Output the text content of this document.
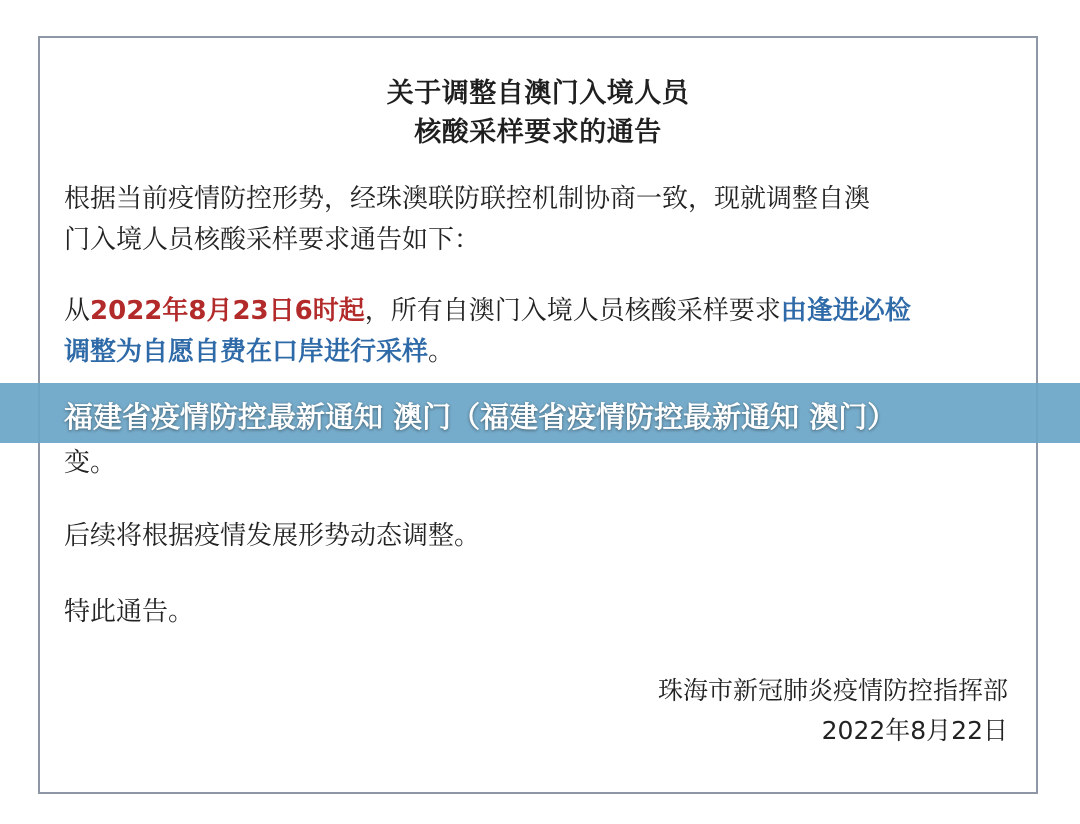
关于调整自澳门入境人员
核酸采样要求的通告
根据当前疫情防控形势，经珠澳联防联控机制协商一致，现就调整自澳
门入境人员核酸采样要求通告如下：
从2022年8月23日6时起，所有自澳门入境人员核酸采样要求由逢进必检
调整为自愿自费在口岸进行采样。
变。
后续将根据疫情发展形势动态调整。
特此通告。
珠海市新冠肺炎疫情防控指挥部
2022年8月22日
福建省疫情防控最新通知 澳门（福建省疫情防控最新通知 澳门）
